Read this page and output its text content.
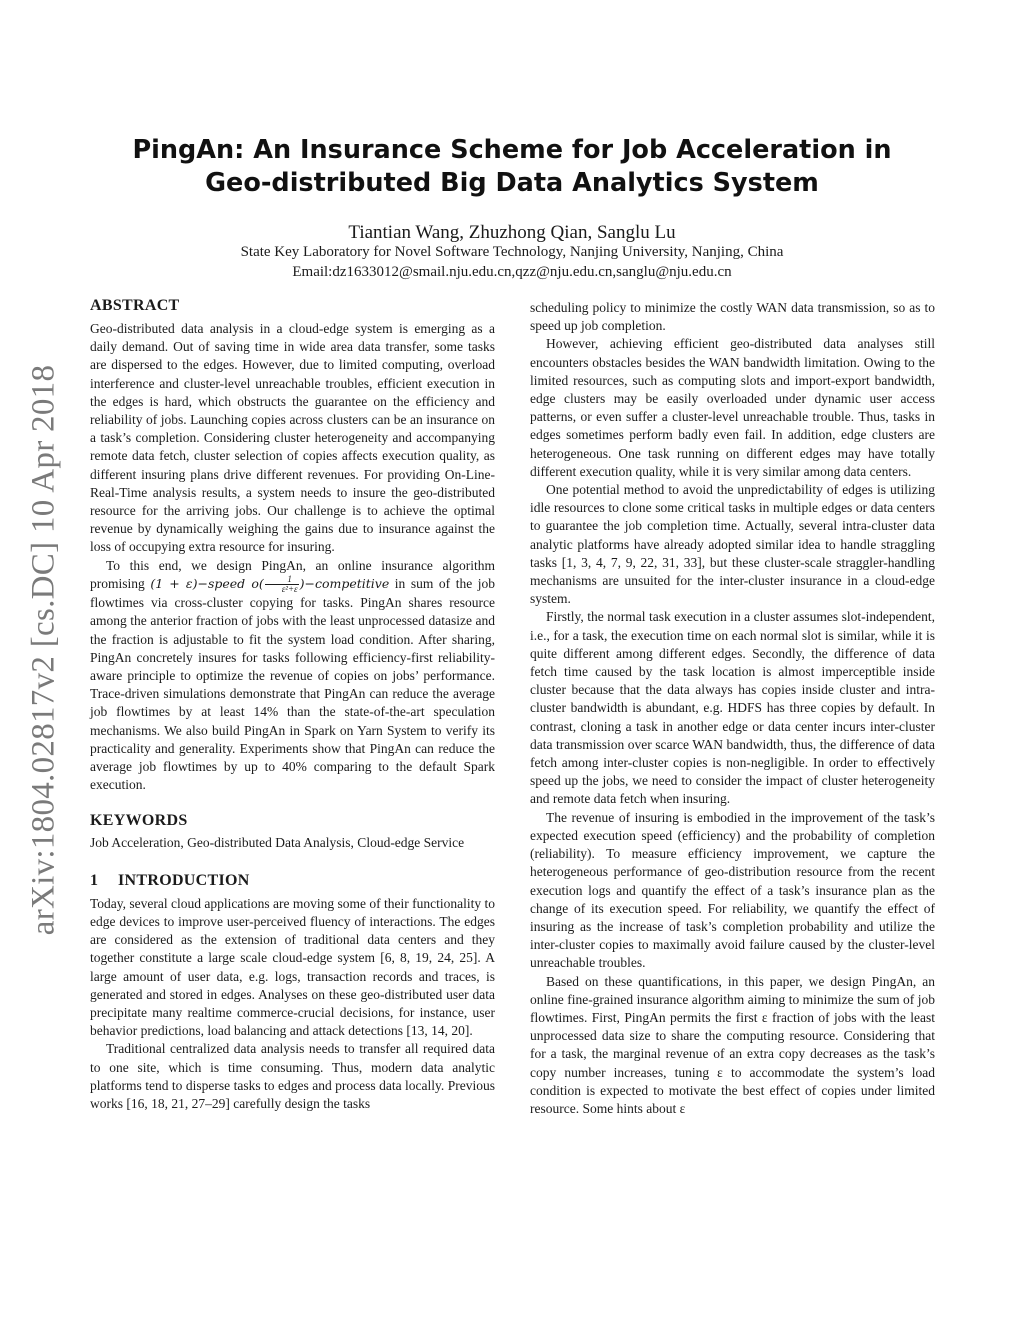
arXiv:1804.02817v2 [cs.DC] 10 Apr 2018
PingAn: An Insurance Scheme for Job Acceleration in Geo-distributed Big Data Analytics System
Tiantian Wang, Zhuzhong Qian, Sanglu Lu
State Key Laboratory for Novel Software Technology, Nanjing University, Nanjing, China
Email:dz1633012@smail.nju.edu.cn,qzz@nju.edu.cn,sanglu@nju.edu.cn
ABSTRACT

Geo-distributed data analysis in a cloud-edge system is emerging as a daily demand. Out of saving time in wide area data transfer, some tasks are dispersed to the edges. However, due to limited computing, overload interference and cluster-level unreachable troubles, efficient execution in the edges is hard, which obstructs the guarantee on the efficiency and reliability of jobs. Launching copies across clusters can be an insurance on a task’s completion. Considering cluster heterogeneity and accompanying remote data fetch, cluster selection of copies affects execution quality, as different insuring plans drive different revenues. For providing On-Line-Real-Time analysis results, a system needs to insure the geo-distributed resource for the arriving jobs. Our challenge is to achieve the optimal revenue by dynamically weighing the gains due to insurance against the loss of occupying extra resource for insuring.

To this end, we design PingAn, an online insurance algorithm promising (1 + ε)−speed $o( \frac{1}{\text{ε²+ε}}$ )−competitive in sum of the job flowtimes via cross-cluster copying for tasks. PingAn shares resource among the anterior fraction of jobs with the least unprocessed datasize and the fraction is adjustable to fit the system load condition. After sharing, PingAn concretely insures for tasks following efficiency-first reliability-aware principle to optimize the revenue of copies on jobs’ performance. Trace-driven simulations demonstrate that PingAn can reduce the average job flowtimes by at least 14% than the state-of-the-art speculation mechanisms. We also build PingAn in Spark on Yarn System to verify its practicality and generality. Experiments show that PingAn can reduce the average job flowtimes by up to 40% comparing to the default Spark execution.

KEYWORDS

Job Acceleration, Geo-distributed Data Analysis, Cloud-edge Service

1 INTRODUCTION

Today, several cloud applications are moving some of their functionality to edge devices to improve user-perceived fluency of interactions. The edges are considered as the extension of traditional data centers and they together constitute a large scale cloud-edge system [6, 8, 19, 24, 25]. A large amount of user data, e.g. logs, transaction records and traces, is generated and stored in edges. Analyses on these geo-distributed user data precipitate many realtime commerce-crucial decisions, for instance, user behavior predictions, load balancing and attack detections [13, 14, 20].

Traditional centralized data analysis needs to transfer all required data to one site, which is time consuming. Thus, modern data analytic platforms tend to disperse tasks to edges and process data locally. Previous works [16, 18, 21, 27–29] carefully design the tasks

scheduling policy to minimize the costly WAN data transmission, so as to speed up job completion.

However, achieving efficient geo-distributed data analyses still encounters obstacles besides the WAN bandwidth limitation. Owing to the limited resources, such as computing slots and import-export bandwidth, edge clusters may be easily overloaded under dynamic user access patterns, or even suffer a cluster-level unreachable trouble. Thus, tasks in edges sometimes perform badly even fail. In addition, edge clusters are heterogeneous. One task running on different edges may have totally different execution quality, while it is very similar among data centers.

One potential method to avoid the unpredictability of edges is utilizing idle resources to clone some critical tasks in multiple edges or data centers to guarantee the job completion time. Actually, several intra-cluster data analytic platforms have already adopted similar idea to handle straggling tasks [1, 3, 4, 7, 9, 22, 31, 33], but these cluster-scale straggler-handling mechanisms are unsuited for the inter-cluster insurance in a cloud-edge system.

Firstly, the normal task execution in a cluster assumes slot-independent, i.e., for a task, the execution time on each normal slot is similar, while it is quite different among different edges. Secondly, the difference of data fetch time caused by the task location is almost imperceptible inside cluster because that the data always has copies inside cluster and intra-cluster bandwidth is abundant, e.g. HDFS has three copies by default. In contrast, cloning a task in another edge or data center incurs inter-cluster data transmission over scarce WAN bandwidth, thus, the difference of data fetch among inter-cluster copies is non-negligible. In order to effectively speed up the jobs, we need to consider the impact of cluster heterogeneity and remote data fetch when insuring.

The revenue of insuring is embodied in the improvement of the task’s expected execution speed (efficiency) and the probability of completion (reliability). To measure efficiency improvement, we capture the heterogeneous performance of geo-distribution resource from the recent execution logs and quantify the effect of a task’s insurance plan as the change of its execution speed. For reliability, we quantify the effect of insuring as the increase of task’s completion probability and utilize the inter-cluster copies to maximally avoid failure caused by the cluster-level unreachable troubles.

Based on these quantifications, in this paper, we design PingAn, an online fine-grained insurance algorithm aiming to minimize the sum of job flowtimes. First, PingAn permits the first ε fraction of jobs with the least unprocessed data size to share the computing resource. Considering that for a task, the marginal revenue of an extra copy decreases as the task’s copy number increases, tuning ε to accommodate the system’s load condition is expected to motivate the best effect of copies under limited resource. Some hints about ε
